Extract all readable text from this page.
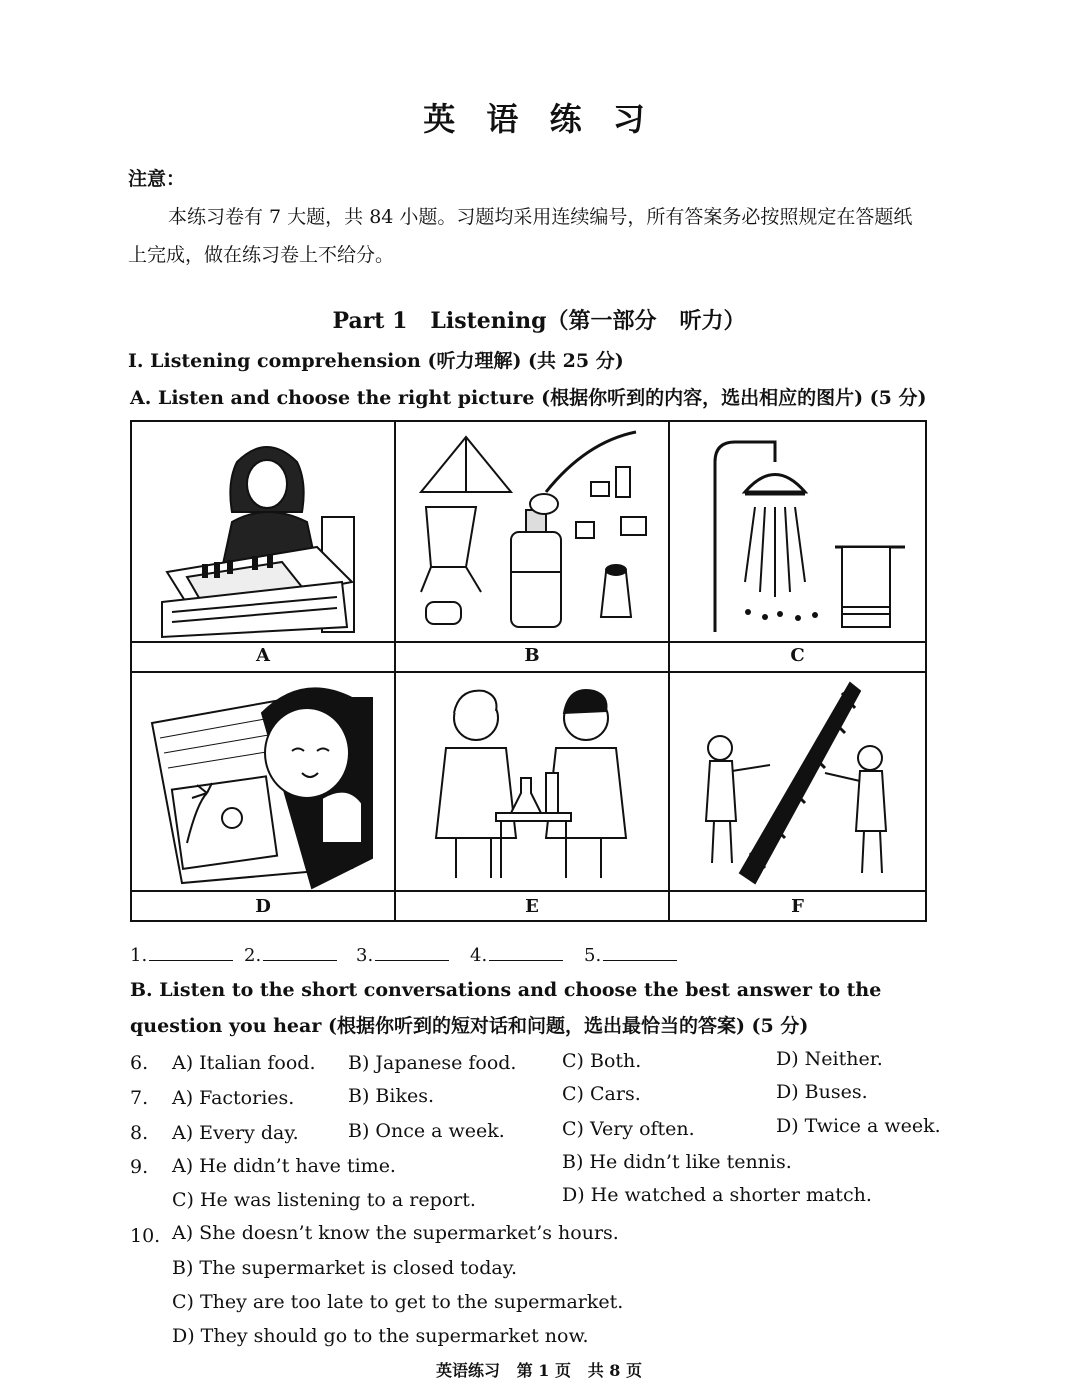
英 语 练 习
注意：
本练习卷有 7 大题，共 84 小题。习题均采用连续编号，所有答案务必按照规定在答题纸上完成，做在练习卷上不给分。
Part 1   Listening（第一部分   听力）
I. Listening comprehension (听力理解) (共 25 分)
A. Listen and choose the right picture (根据你听到的内容，选出相应的图片) (5 分)
A	B	C
D	E	F
1.	2.	3.	4.	5.
B. Listen to the short conversations and choose the best answer to the question you hear (根据你听到的短对话和问题，选出最恰当的答案) (5 分)
6. A) Italian food. B) Japanese food. C) Both.	D) Neither.
7. A) Factories.	B) Bikes.	C) Cars.	D) Buses.
8. A) Every day.	B) Once a week.	C) Very often.	D) Twice a week.
9. A) He didn’t have time.	B) He didn’t like tennis.
C) He was listening to a report.	D) He watched a shorter match.
10. A) She doesn’t know the supermarket’s hours.
B) The supermarket is closed today.
C) They are too late to get to the supermarket.
D) They should go to the supermarket now.
英语练习   第 1 页   共 8 页
